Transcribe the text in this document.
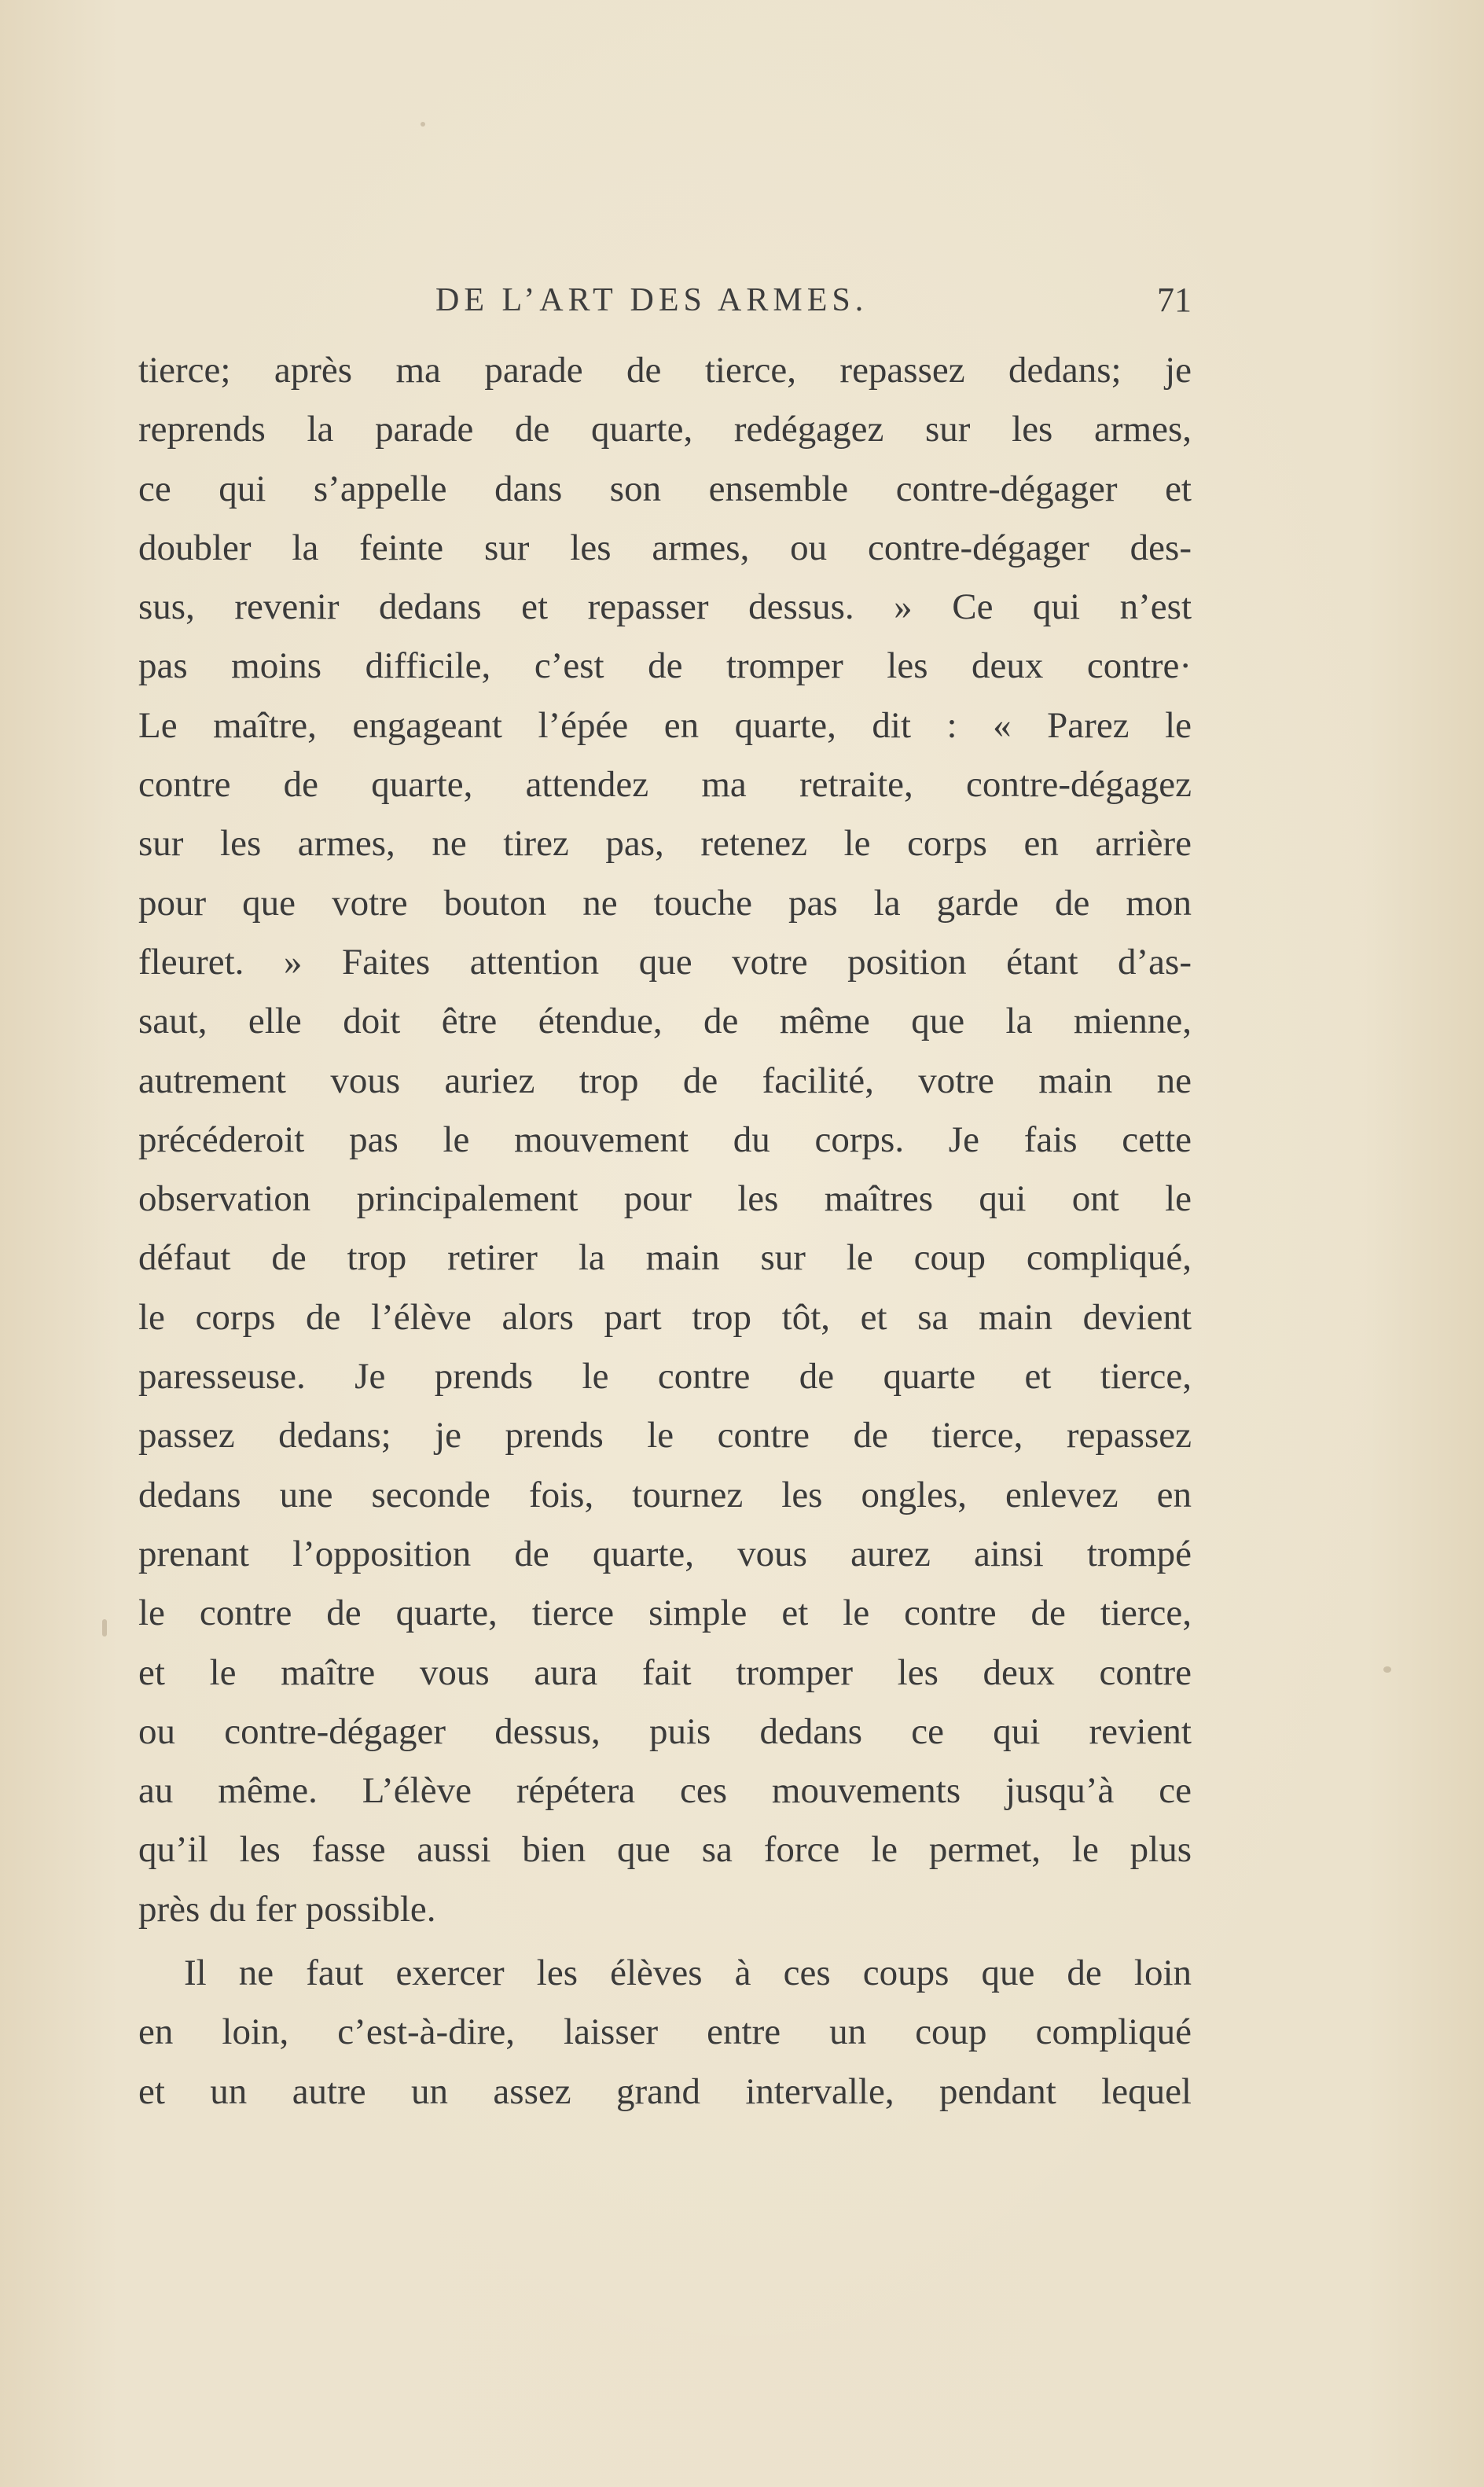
DE L’ART DES ARMES.	71
tierce; après ma parade de tierce, repassez dedans; je
reprends la parade de quarte, redégagez sur les armes,
ce qui s’appelle dans son ensemble contre-dégager et
doubler la feinte sur les armes, ou contre-dégager des-
sus, revenir dedans et repasser dessus. » Ce qui n’est
pas moins difficile, c’est de tromper les deux contre·
Le maître, engageant l’épée en quarte, dit : « Parez le
contre de quarte, attendez ma retraite, contre-dégagez
sur les armes, ne tirez pas, retenez le corps en arrière
pour que votre bouton ne touche pas la garde de mon
fleuret. » Faites attention que votre position étant d’as-
saut, elle doit être étendue, de même que la mienne,
autrement vous auriez trop de facilité, votre main ne
précéderoit pas le mouvement du corps. Je fais cette
observation principalement pour les maîtres qui ont le
défaut de trop retirer la main sur le coup compliqué,
le corps de l’élève alors part trop tôt, et sa main devient
paresseuse. Je prends le contre de quarte et tierce,
passez dedans; je prends le contre de tierce, repassez
dedans une seconde fois, tournez les ongles, enlevez en
prenant l’opposition de quarte, vous aurez ainsi trompé
le contre de quarte, tierce simple et le contre de tierce,
et le maître vous aura fait tromper les deux contre
ou contre-dégager dessus, puis dedans ce qui revient
au même. L’élève répétera ces mouvements jusqu’à ce
qu’il les fasse aussi bien que sa force le permet, le plus
près du fer possible.
Il ne faut exercer les élèves à ces coups que de loin
en loin, c’est-à-dire, laisser entre un coup compliqué
et un autre un assez grand intervalle, pendant lequel
